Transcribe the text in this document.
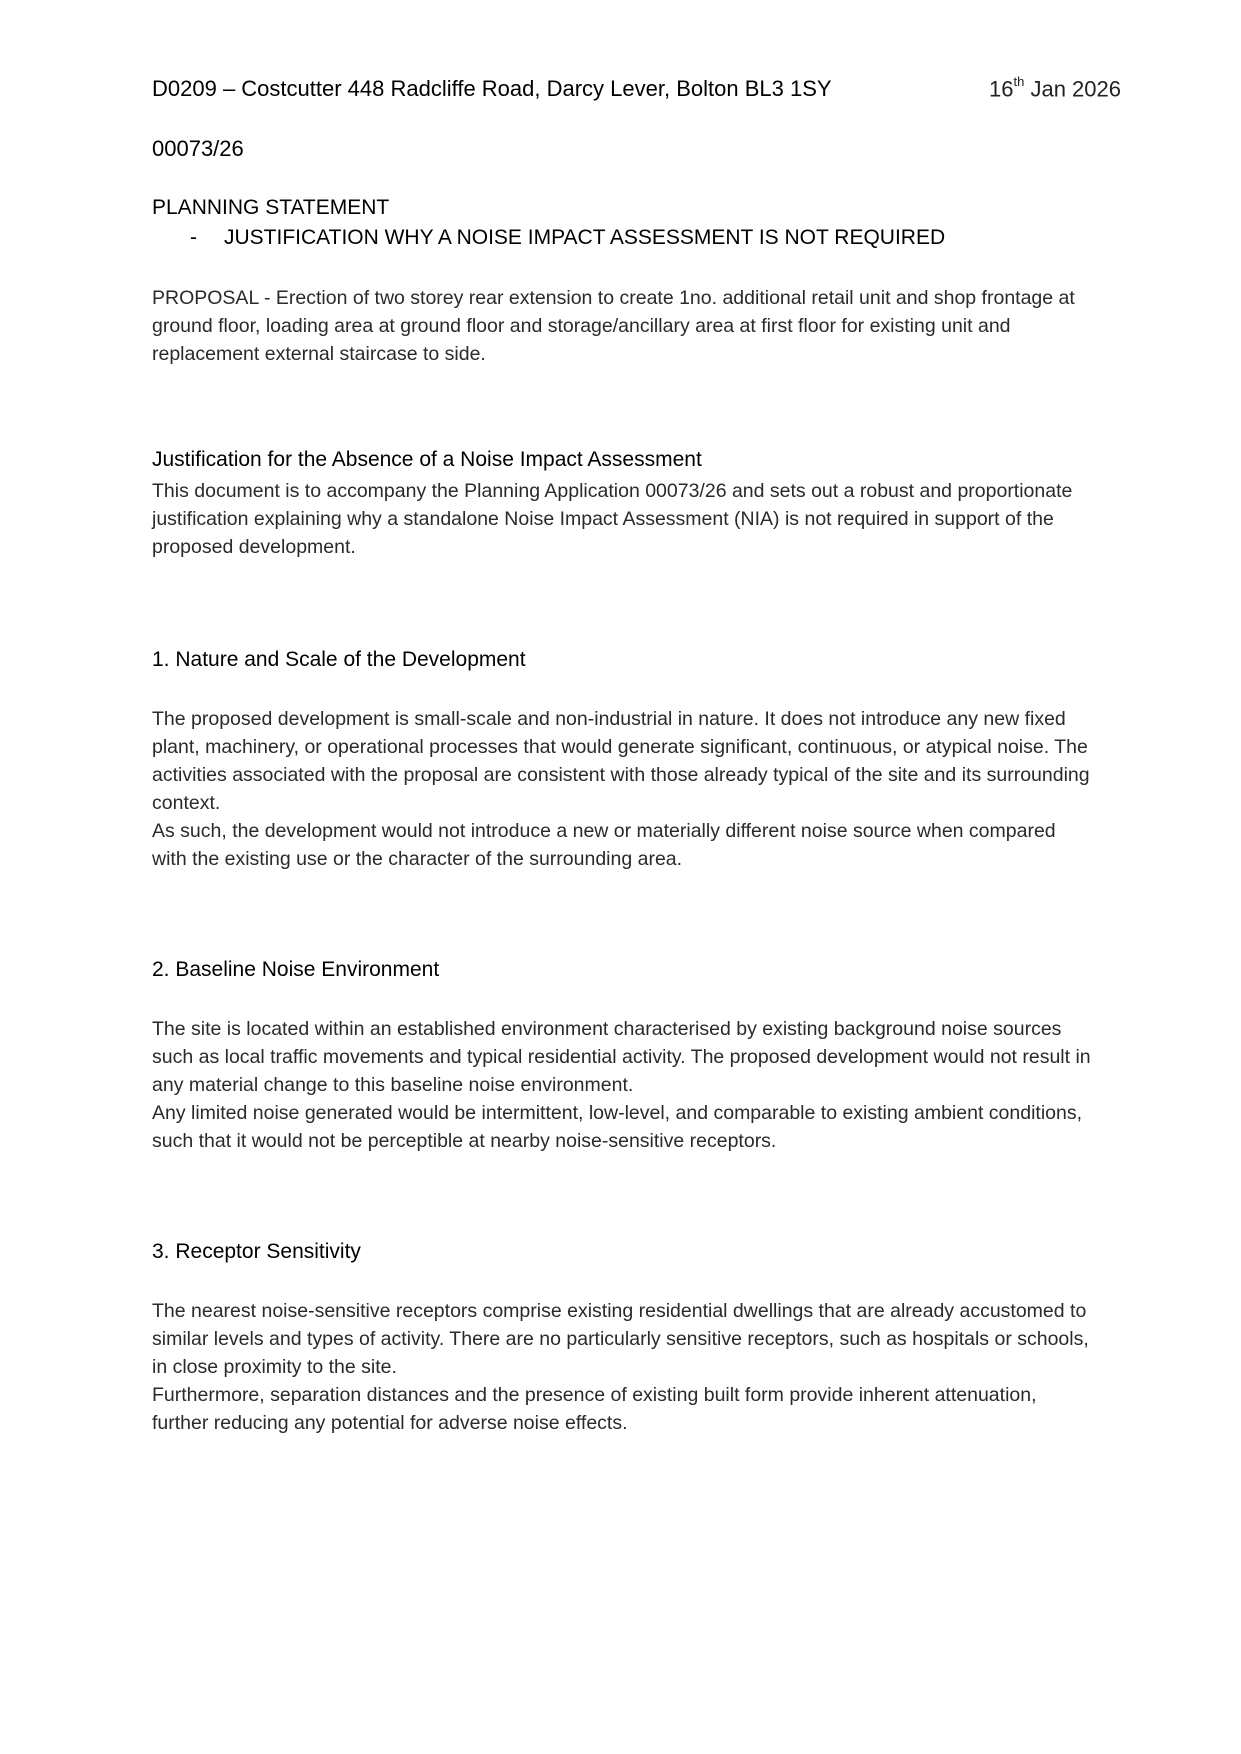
D0209 – Costcutter 448 Radcliffe Road, Darcy Lever, Bolton BL3 1SY	16th Jan 2026
00073/26
PLANNING STATEMENT
- JUSTIFICATION WHY A NOISE IMPACT ASSESSMENT IS NOT REQUIRED

PROPOSAL - Erection of two storey rear extension to create 1no. additional retail unit and shop frontage at ground floor, loading area at ground floor and storage/ancillary area at first floor for existing unit and replacement external staircase to side.

Justification for the Absence of a Noise Impact Assessment

This document is to accompany the Planning Application 00073/26 and sets out a robust and proportionate justification explaining why a standalone Noise Impact Assessment (NIA) is not required in support of the proposed development.

1. Nature and Scale of the Development

The proposed development is small-scale and non-industrial in nature. It does not introduce any new fixed plant, machinery, or operational processes that would generate significant, continuous, or atypical noise. The activities associated with the proposal are consistent with those already typical of the site and its surrounding context.

As such, the development would not introduce a new or materially different noise source when compared with the existing use or the character of the surrounding area.

2. Baseline Noise Environment

The site is located within an established environment characterised by existing background noise sources such as local traffic movements and typical residential activity. The proposed development would not result in any material change to this baseline noise environment.

Any limited noise generated would be intermittent, low-level, and comparable to existing ambient conditions, such that it would not be perceptible at nearby noise-sensitive receptors.

3. Receptor Sensitivity

The nearest noise-sensitive receptors comprise existing residential dwellings that are already accustomed to similar levels and types of activity. There are no particularly sensitive receptors, such as hospitals or schools, in close proximity to the site.

Furthermore, separation distances and the presence of existing built form provide inherent attenuation, further reducing any potential for adverse noise effects.
